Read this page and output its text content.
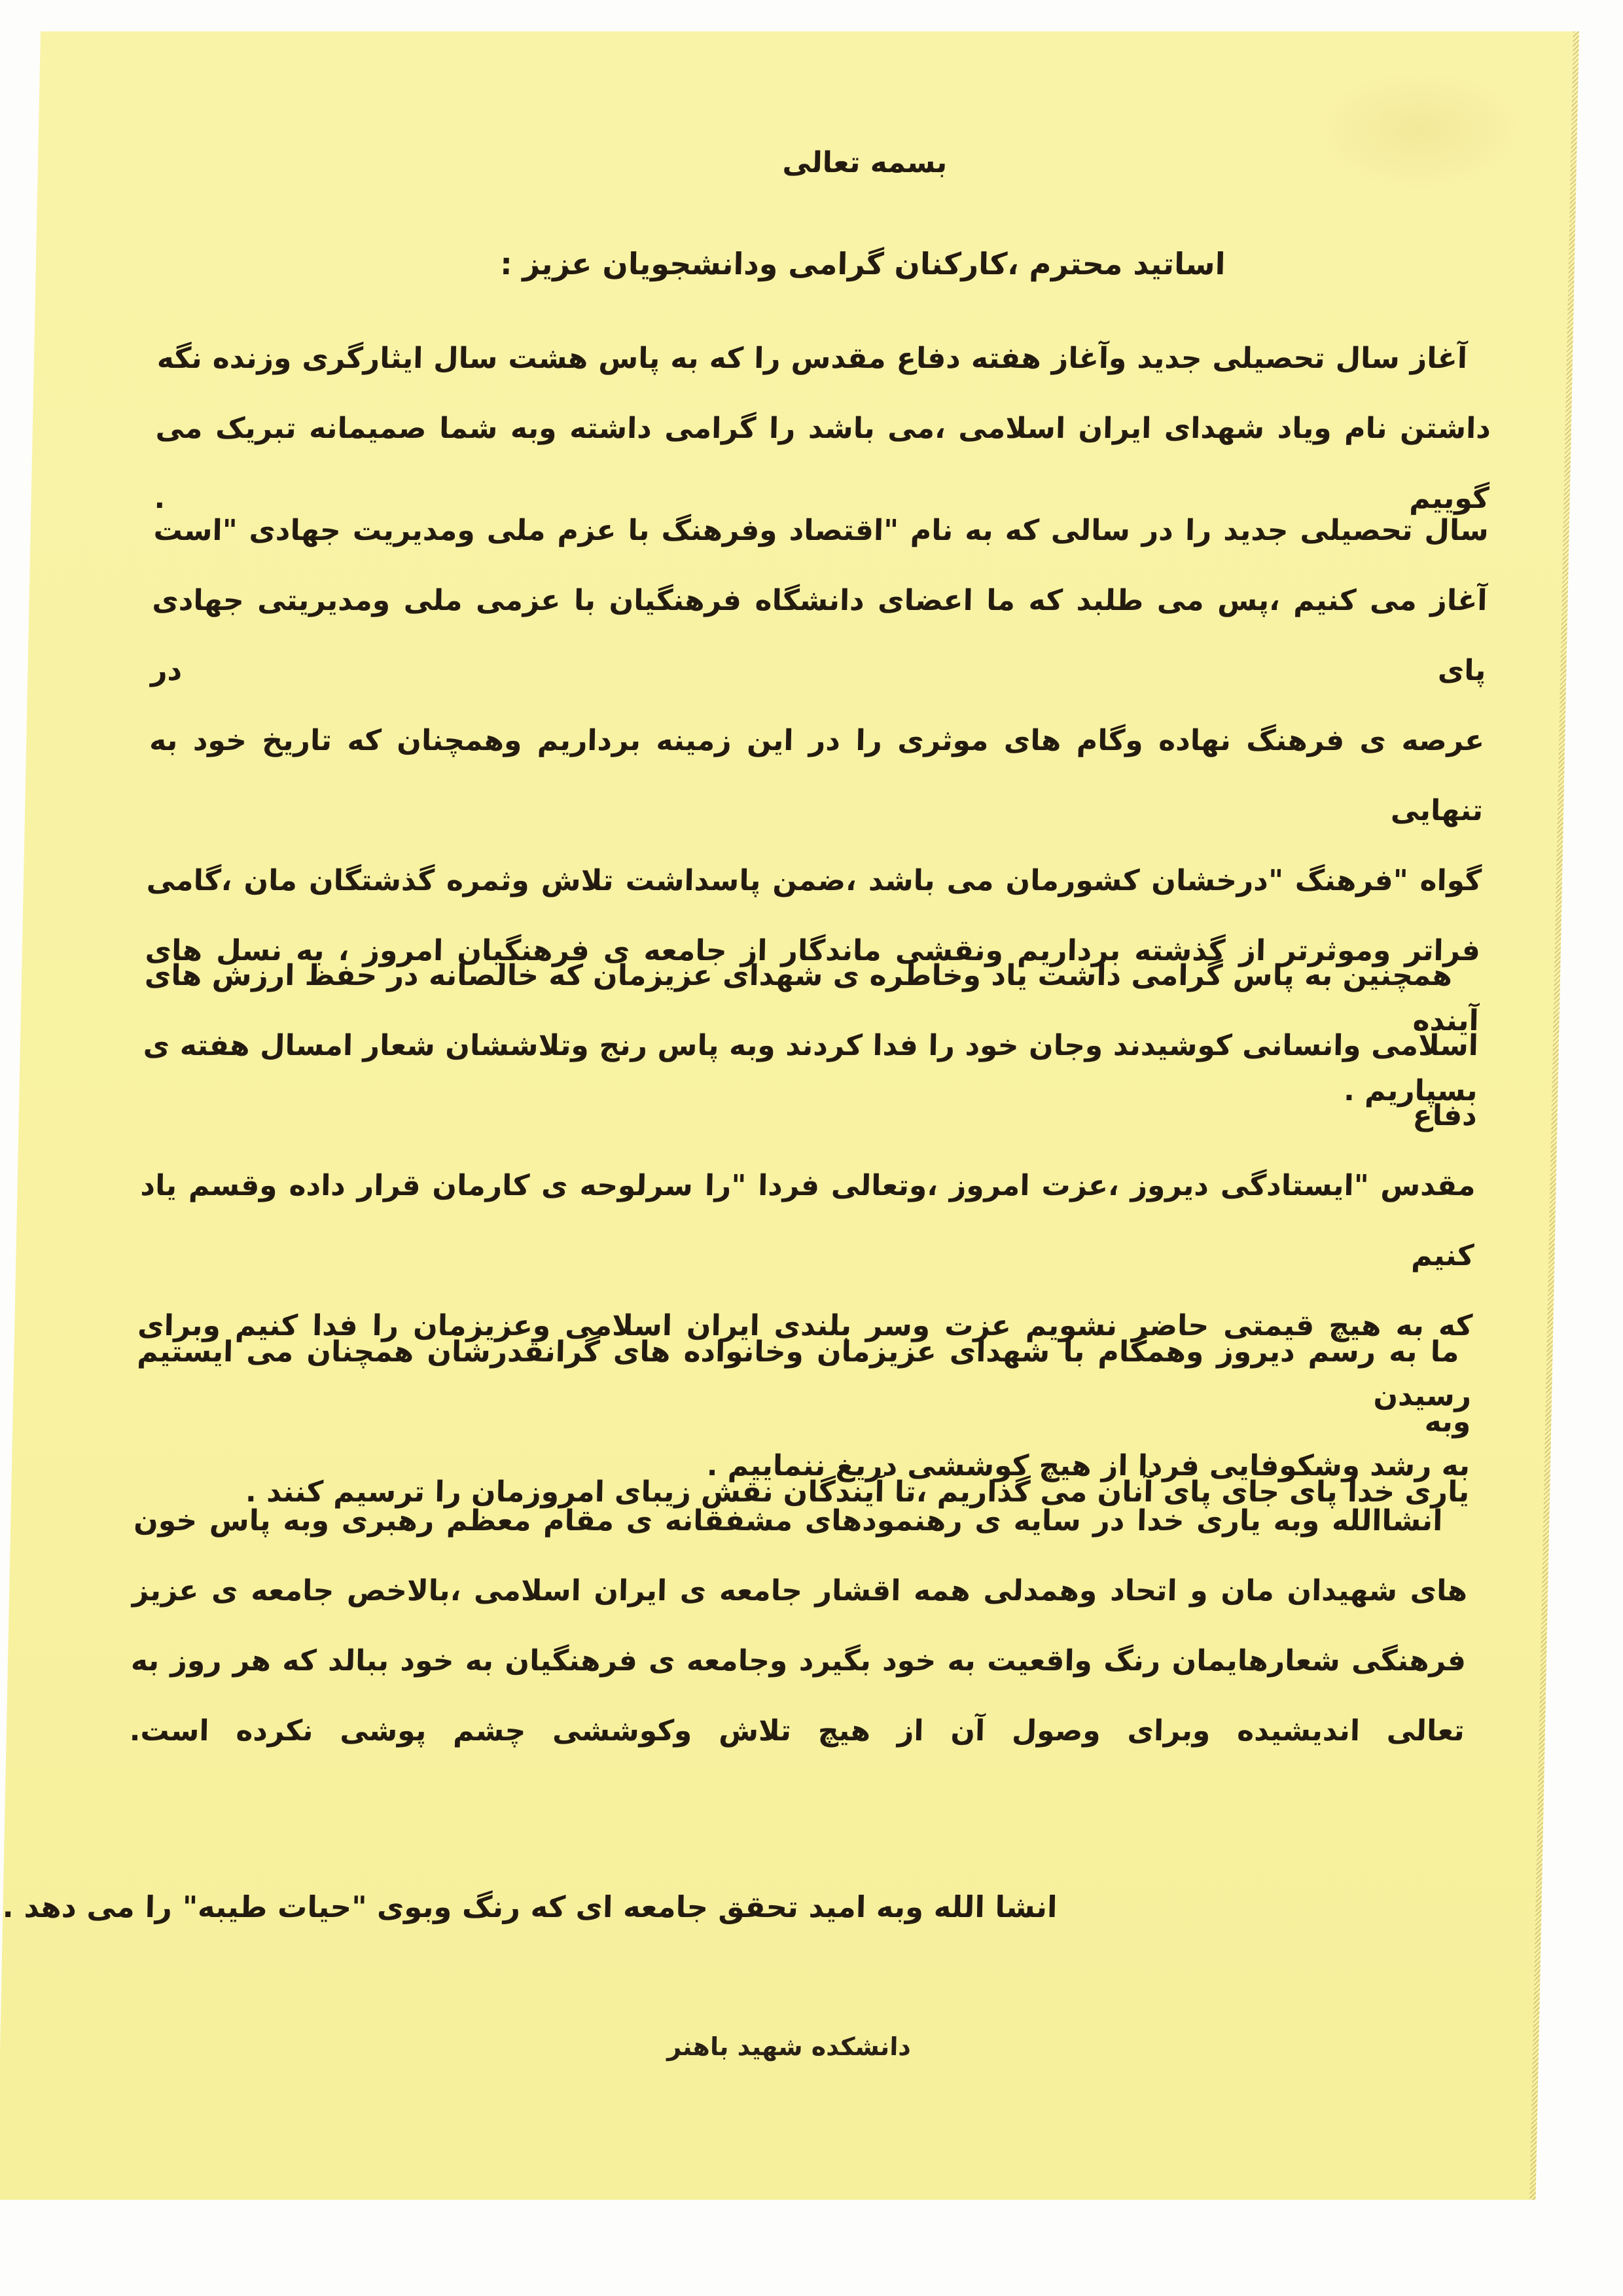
بسمه تعالی
اساتید محترم ،کارکنان گرامی ودانشجویان عزیز :
آغاز سال تحصیلی جدید وآغاز هفته دفاع مقدس را که به پاس هشت سال ایثارگری وزنده نگه
داشتن نام ویاد شهدای ایران اسلامی ،می باشد را گرامی داشته وبه شما صمیمانه تبریک می گوییم .
سال تحصیلی جدید را در سالی که به نام "اقتصاد وفرهنگ با عزم ملی ومدیریت جهادی "است
آغاز می کنیم ،پس می طلبد که ما اعضای دانشگاه فرهنگیان با عزمی ملی ومدیریتی جهادی پای در
عرصه ی فرهنگ نهاده وگام های موثری را در این زمینه برداریم وهمچنان که تاریخ خود به تنهایی
گواه "فرهنگ "درخشان کشورمان می باشد ،ضمن پاسداشت تلاش وثمره گذشتگان مان ،گامی
فراتر وموثرتر از گذشته برداریم ونقشی ماندگار از جامعه ی فرهنگیان امروز ، به نسل های آینده
بسپاریم .
همچنین به پاس گرامی داشت یاد وخاطره ی شهدای عزیزمان که خالصانه در حفظ ارزش های
اسلامی وانسانی کوشیدند وجان خود را فدا کردند وبه پاس رنج وتلاششان شعار امسال هفته ی دفاع
مقدس "ایستادگی دیروز ،عزت امروز ،وتعالی فردا "را سرلوحه ی کارمان قرار داده وقسم یاد کنیم
که به هیچ قیمتی حاضر نشویم عزت وسر بلندی ایران اسلامی وعزیزمان را فدا کنیم وبرای رسیدن
به رشد وشکوفایی فردا از هیچ کوششی دریغ ننماییم .
ما به رسم دیروز وهمگام با شهدای عزیزمان وخانواده های گرانقدرشان همچنان می ایستیم وبه
یاری خدا پای جای پای آنان می گذاریم ،تا آیندگان نقش زیبای امروزمان را ترسیم کنند .
انشاالله وبه یاری خدا در سایه ی رهنمودهای مشفقانه ی مقام معظم رهبری وبه پاس خون
های شهیدان مان و اتحاد وهمدلی همه اقشار جامعه ی ایران اسلامی ،بالاخص جامعه ی عزیز
فرهنگی شعارهایمان رنگ واقعیت به خود بگیرد وجامعه ی فرهنگیان به خود ببالد که هر روز به
تعالی اندیشیده وبرای وصول آن از هیچ تلاش وکوششی چشم پوشی نکرده است.
انشا الله وبه امید تحقق جامعه ای که رنگ وبوی "حیات طیبه" را می دهد .
دانشکده شهید باهنر
